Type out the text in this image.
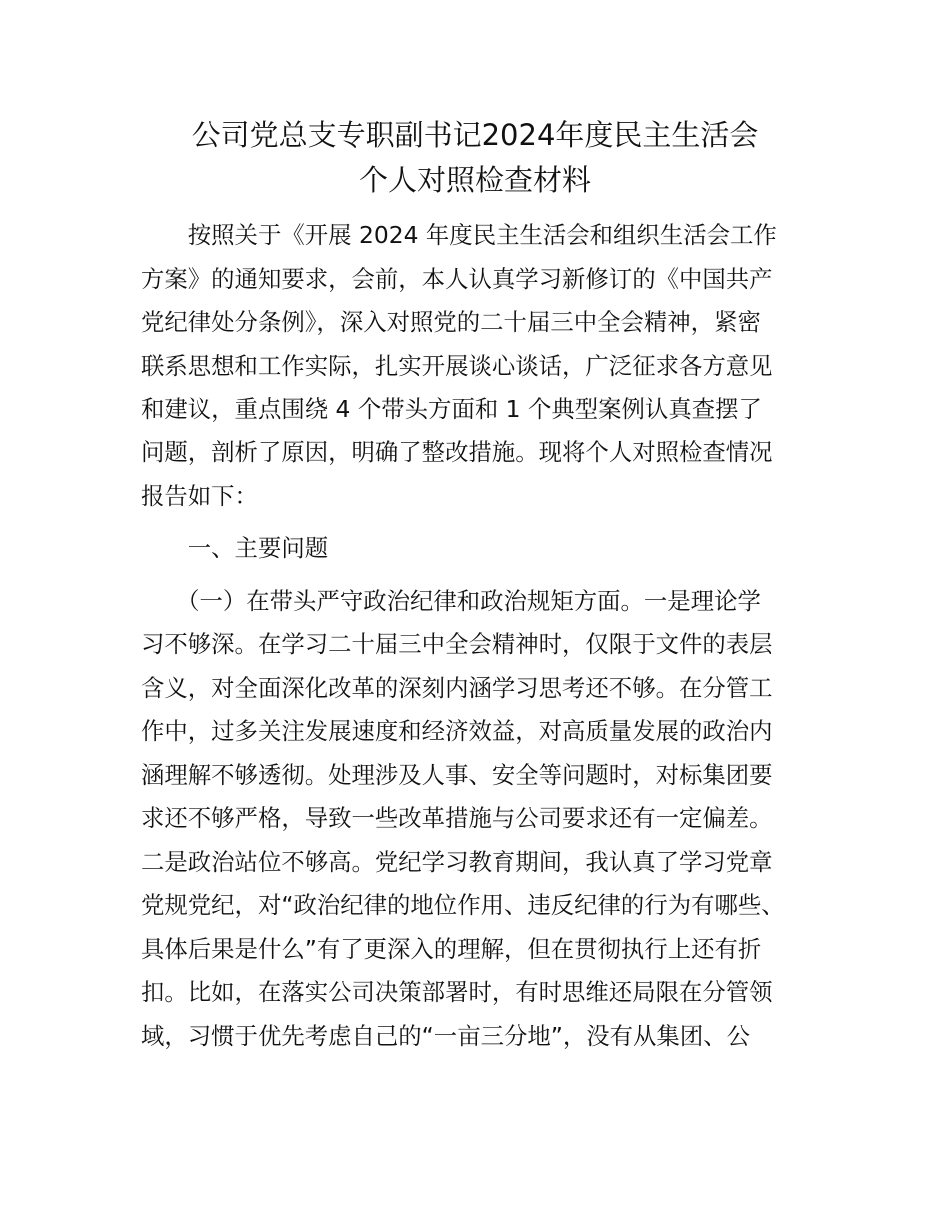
公司党总支专职副书记2024年度民主生活会
个人对照检查材料

　　按照关于《开展 2024 年度民主生活会和组织生活会工作

方案》的通知要求，会前，本人认真学习新修订的《中国共产

党纪律处分条例》，深入对照党的二十届三中全会精神，紧密

联系思想和工作实际，扎实开展谈心谈话，广泛征求各方意见

和建议，重点围绕 4 个带头方面和 1 个典型案例认真查摆了

问题，剖析了原因，明确了整改措施。现将个人对照检查情况

报告如下：

　　一、主要问题

　　（一）在带头严守政治纪律和政治规矩方面。一是理论学

习不够深。在学习二十届三中全会精神时，仅限于文件的表层

含义，对全面深化改革的深刻内涵学习思考还不够。在分管工

作中，过多关注发展速度和经济效益，对高质量发展的政治内

涵理解不够透彻。处理涉及人事、安全等问题时，对标集团要

求还不够严格，导致一些改革措施与公司要求还有一定偏差。

二是政治站位不够高。党纪学习教育期间，我认真了学习党章

党规党纪，对“政治纪律的地位作用、违反纪律的行为有哪些、

具体后果是什么”有了更深入的理解，但在贯彻执行上还有折

扣。比如，在落实公司决策部署时，有时思维还局限在分管领

域，习惯于优先考虑自己的“一亩三分地”，没有从集团、公
